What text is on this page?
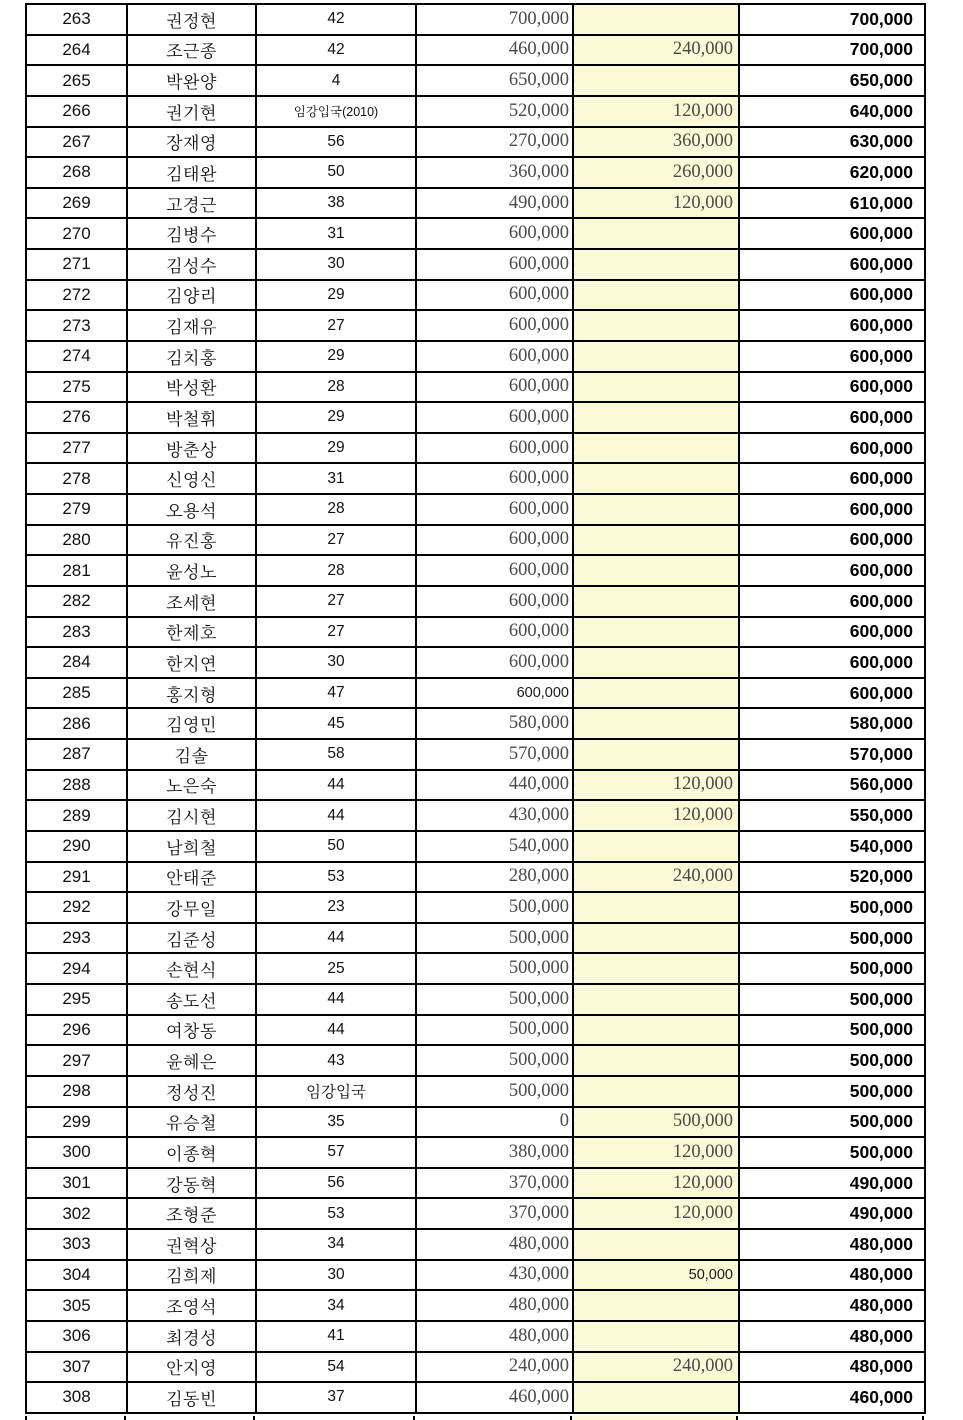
263	권정현	42	700,000		700,000
264	조근종	42	460,000	240,000	700,000
265	박완양	4	650,000		650,000
266	권기현	임강입국(2010)	520,000	120,000	640,000
267	장재영	56	270,000	360,000	630,000
268	김태완	50	360,000	260,000	620,000
269	고경근	38	490,000	120,000	610,000
270	김병수	31	600,000		600,000
271	김성수	30	600,000		600,000
272	김양리	29	600,000		600,000
273	김재유	27	600,000		600,000
274	김치홍	29	600,000		600,000
275	박성환	28	600,000		600,000
276	박철휘	29	600,000		600,000
277	방춘상	29	600,000		600,000
278	신영신	31	600,000		600,000
279	오용석	28	600,000		600,000
280	유진홍	27	600,000		600,000
281	윤성노	28	600,000		600,000
282	조세현	27	600,000		600,000
283	한제호	27	600,000		600,000
284	한지연	30	600,000		600,000
285	홍지형	47	600,000		600,000
286	김영민	45	580,000		580,000
287	김솔	58	570,000		570,000
288	노은숙	44	440,000	120,000	560,000
289	김시현	44	430,000	120,000	550,000
290	남희철	50	540,000		540,000
291	안태준	53	280,000	240,000	520,000
292	강무일	23	500,000		500,000
293	김준성	44	500,000		500,000
294	손현식	25	500,000		500,000
295	송도선	44	500,000		500,000
296	여창동	44	500,000		500,000
297	윤혜은	43	500,000		500,000
298	정성진	임강입국	500,000		500,000
299	유승철	35	0	500,000	500,000
300	이종혁	57	380,000	120,000	500,000
301	강동혁	56	370,000	120,000	490,000
302	조형준	53	370,000	120,000	490,000
303	권혁상	34	480,000		480,000
304	김희제	30	430,000	50,000	480,000
305	조영석	34	480,000		480,000
306	최경성	41	480,000		480,000
307	안지영	54	240,000	240,000	480,000
308	김동빈	37	460,000		460,000
